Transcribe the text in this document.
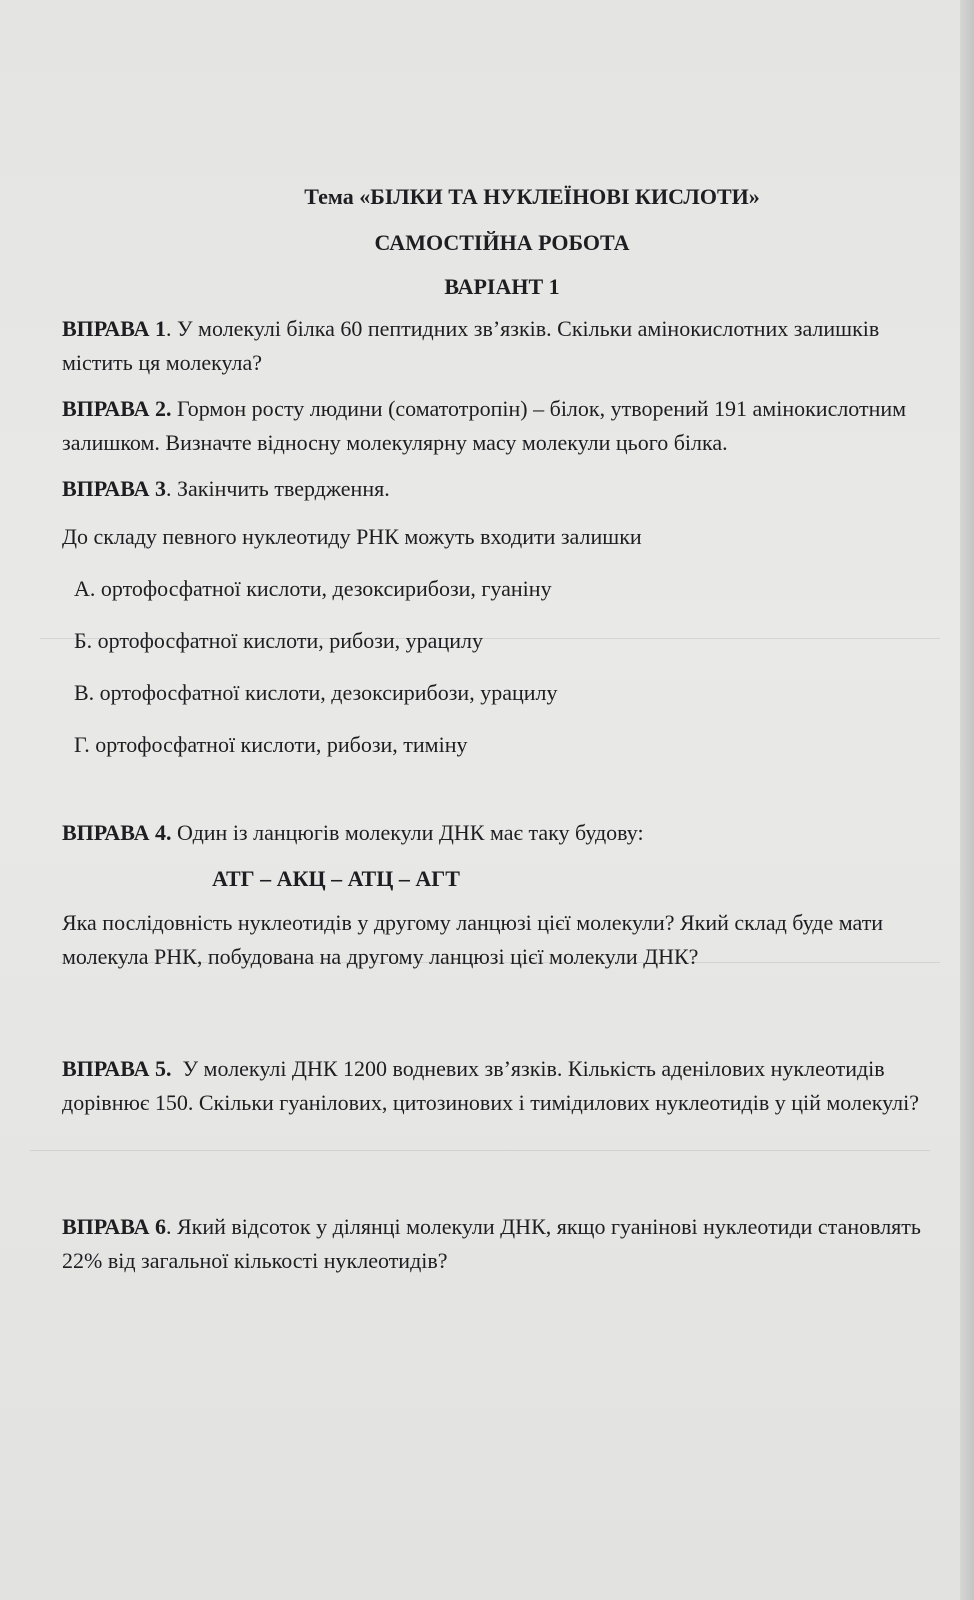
Тема «БІЛКИ ТА НУКЛЕЇНОВІ КИСЛОТИ»
САМОСТІЙНА РОБОТА
ВАРІАНТ 1
ВПРАВА 1. У молекулі білка 60 пептидних зв’язків. Скільки амінокислотних залишків містить ця молекула?
ВПРАВА 2. Гормон росту людини (соматотропін) – білок, утворений 191 амінокислотним залишком. Визначте відносну молекулярну масу молекули цього білка.
ВПРАВА 3. Закінчить твердження.
До складу певного нуклеотиду РНК можуть входити залишки
А. ортофосфатної кислоти, дезоксирибози, гуаніну
Б. ортофосфатної кислоти, рибози, урацилу
В. ортофосфатної кислоти, дезоксирибози, урацилу
Г. ортофосфатної кислоти, рибози, тиміну
ВПРАВА 4. Один із ланцюгів молекули ДНК має таку будову:
АТГ – АКЦ – АТЦ – АГТ
Яка послідовність нуклеотидів у другому ланцюзі цієї молекули? Який склад буде мати молекула РНК, побудована на другому ланцюзі цієї молекули ДНК?
ВПРАВА 5. У молекулі ДНК 1200 водневих зв’язків. Кількість аденілових нуклеотидів дорівнює 150. Скільки гуанілових, цитозинових і тимідилових нуклеотидів у цій молекулі?
ВПРАВА 6. Який відсоток у ділянці молекули ДНК, якщо гуанінові нуклеотиди становлять 22% від загальної кількості нуклеотидів?
